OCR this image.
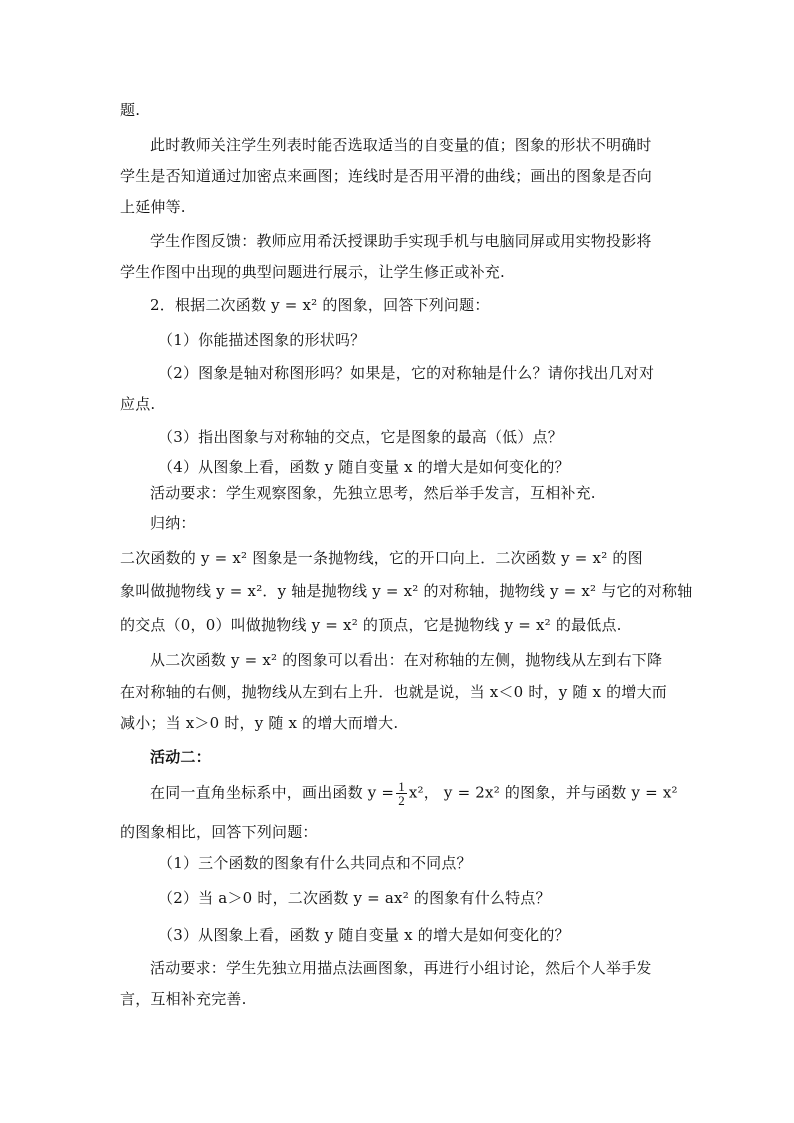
题.
此时教师关注学生列表时能否选取适当的自变量的值；图象的形状不明确时
学生是否知道通过加密点来画图；连线时是否用平滑的曲线；画出的图象是否向
上延伸等.
学生作图反馈：教师应用希沃授课助手实现手机与电脑同屏或用实物投影将
学生作图中出现的典型问题进行展示，让学生修正或补充.
2．根据二次函数 y = x² 的图象，回答下列问题：
（1）你能描述图象的形状吗？
（2）图象是轴对称图形吗？如果是，它的对称轴是什么？请你找出几对对
应点.
（3）指出图象与对称轴的交点，它是图象的最高（低）点？
（4）从图象上看，函数 y 随自变量 x 的增大是如何变化的？
活动要求：学生观察图象，先独立思考，然后举手发言，互相补充.
归纳：
二次函数的 y = x² 图象是一条抛物线，它的开口向上．二次函数 y = x² 的图
象叫做抛物线 y = x²．y 轴是抛物线 y = x² 的对称轴，抛物线 y = x² 与它的对称轴
的交点（0，0）叫做抛物线 y = x² 的顶点，它是抛物线 y = x² 的最低点.
从二次函数 y = x² 的图象可以看出：在对称轴的左侧，抛物线从左到右下降
在对称轴的右侧，抛物线从左到右上升．也就是说，当 x＜0 时，y 随 x 的增大而
减小；当 x＞0 时，y 随 x 的增大而增大.
活动二：
在同一直角坐标系中，画出函数 $y = \frac{1}{2} x^2$， y = 2x² 的图象，并与函数 y = x²
的图象相比，回答下列问题：
（1）三个函数的图象有什么共同点和不同点？
（2）当 a＞0 时，二次函数 y = ax² 的图象有什么特点？
（3）从图象上看，函数 y 随自变量 x 的增大是如何变化的？
活动要求：学生先独立用描点法画图象，再进行小组讨论，然后个人举手发
言，互相补充完善.
